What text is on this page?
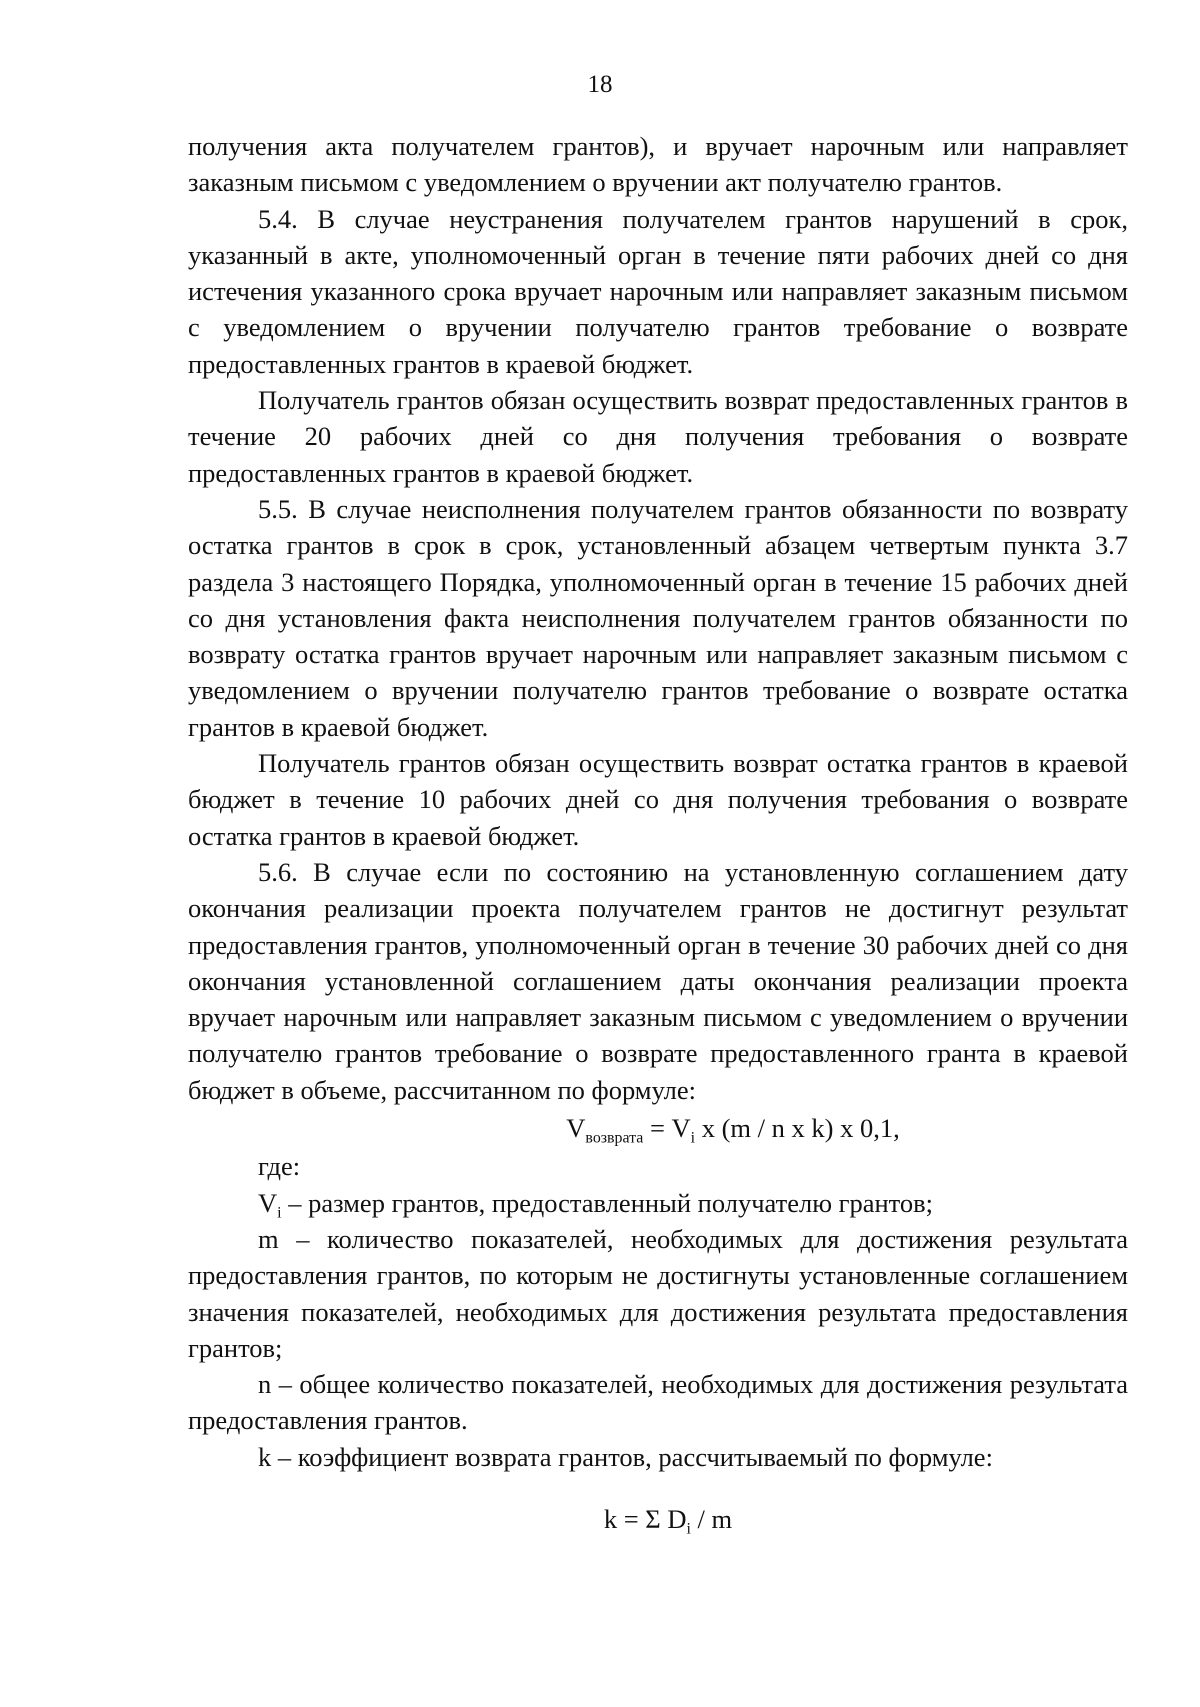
18

получения акта получателем грантов), и вручает нарочным или направляет заказным письмом с уведомлением о вручении акт получателю грантов.

5.4. В случае неустранения получателем грантов нарушений в срок, указанный в акте, уполномоченный орган в течение пяти рабочих дней со дня истечения указанного срока вручает нарочным или направляет заказным письмом с уведомлением о вручении получателю грантов требование о возврате предоставленных грантов в краевой бюджет.

Получатель грантов обязан осуществить возврат предоставленных грантов в течение 20 рабочих дней со дня получения требования о возврате предоставленных грантов в краевой бюджет.

5.5. В случае неисполнения получателем грантов обязанности по возврату остатка грантов в срок в срок, установленный абзацем четвертым пункта 3.7 раздела 3 настоящего Порядка, уполномоченный орган в течение 15 рабочих дней со дня установления факта неисполнения получателем грантов обязанности по возврату остатка грантов вручает нарочным или направляет заказным письмом с уведомлением о вручении получателю грантов требование о возврате остатка грантов в краевой бюджет.

Получатель грантов обязан осуществить возврат остатка грантов в краевой бюджет в течение 10 рабочих дней со дня получения требования о возврате остатка грантов в краевой бюджет.

5.6. В случае если по состоянию на установленную соглашением дату окончания реализации проекта получателем грантов не достигнут результат предоставления грантов, уполномоченный орган в течение 30 рабочих дней со дня окончания установленной соглашением даты окончания реализации проекта вручает нарочным или направляет заказным письмом с уведомлением о вручении получателю грантов требование о возврате предоставленного гранта в краевой бюджет в объеме, рассчитанном по формуле:

$V_{возврата} = V_i$ x (m / n x k) x 0,1,

где:

$V_i$ – размер грантов, предоставленный получателю грантов;

m – количество показателей, необходимых для достижения результата предоставления грантов, по которым не достигнуты установленные соглашением значения показателей, необходимых для достижения результата предоставления грантов;

n – общее количество показателей, необходимых для достижения результата предоставления грантов.

k – коэффициент возврата грантов, рассчитываемый по формуле:

k = Σ $D_i$ / m
